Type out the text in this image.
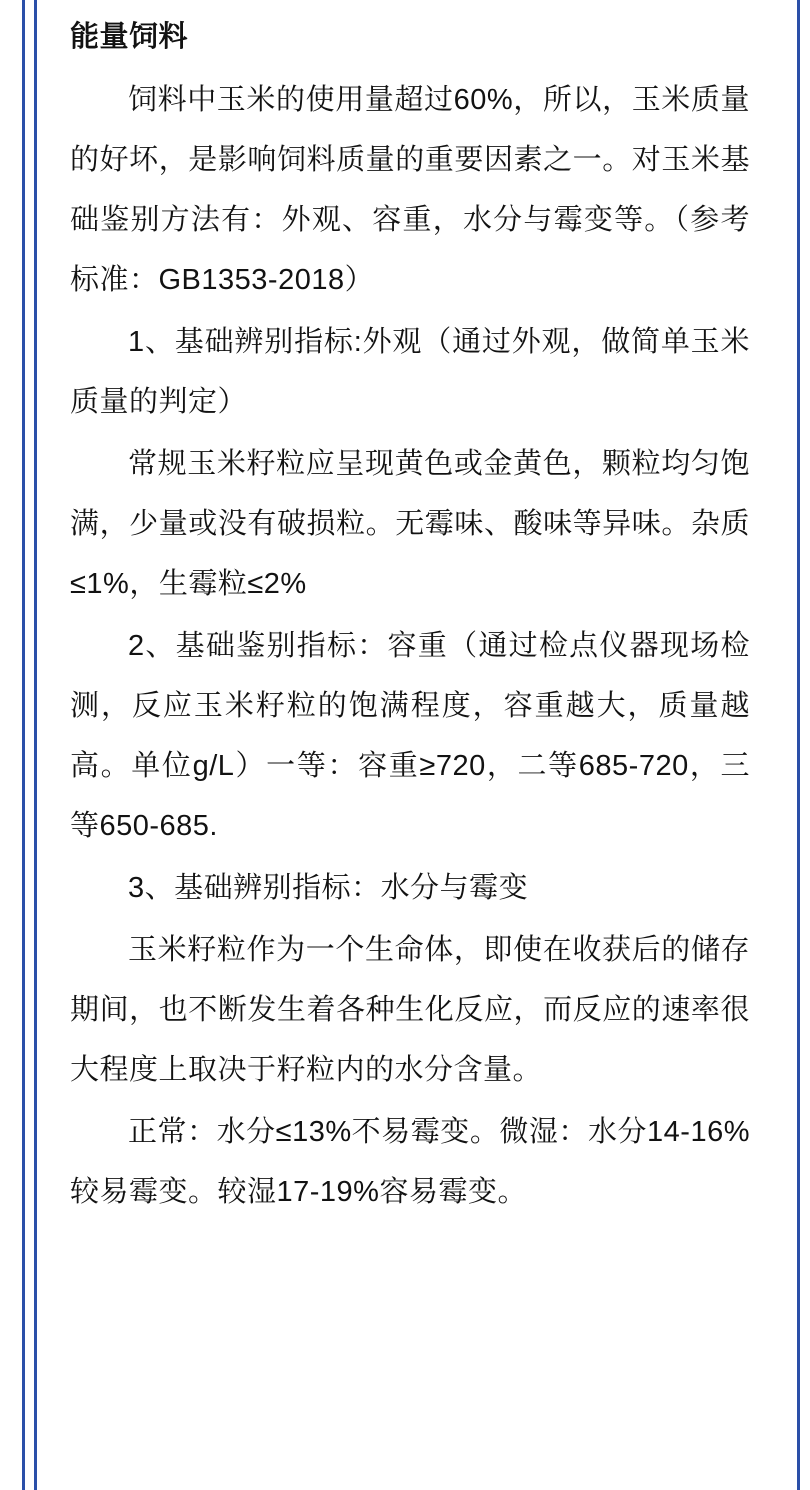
能量饲料

饲料中玉米的使用量超过60%，所以，玉米质量的好坏，是影响饲料质量的重要因素之一。对玉米基础鉴别方法有：外观、容重，水分与霉变等。（参考标准：GB1353-2018）

1、基础辨别指标:外观（通过外观，做简单玉米质量的判定）

常规玉米籽粒应呈现黄色或金黄色，颗粒均匀饱满，少量或没有破损粒。无霉味、酸味等异味。杂质≤1%，生霉粒≤2%

2、基础鉴别指标：容重（通过检点仪器现场检测，反应玉米籽粒的饱满程度，容重越大，质量越高。单位g/L）一等：容重≥720，二等685-720，三等650-685.

3、基础辨别指标：水分与霉变

玉米籽粒作为一个生命体，即使在收获后的储存期间，也不断发生着各种生化反应，而反应的速率很大程度上取决于籽粒内的水分含量。

正常：水分≤13%不易霉变。微湿：水分14-16%较易霉变。较湿17-19%容易霉变。
